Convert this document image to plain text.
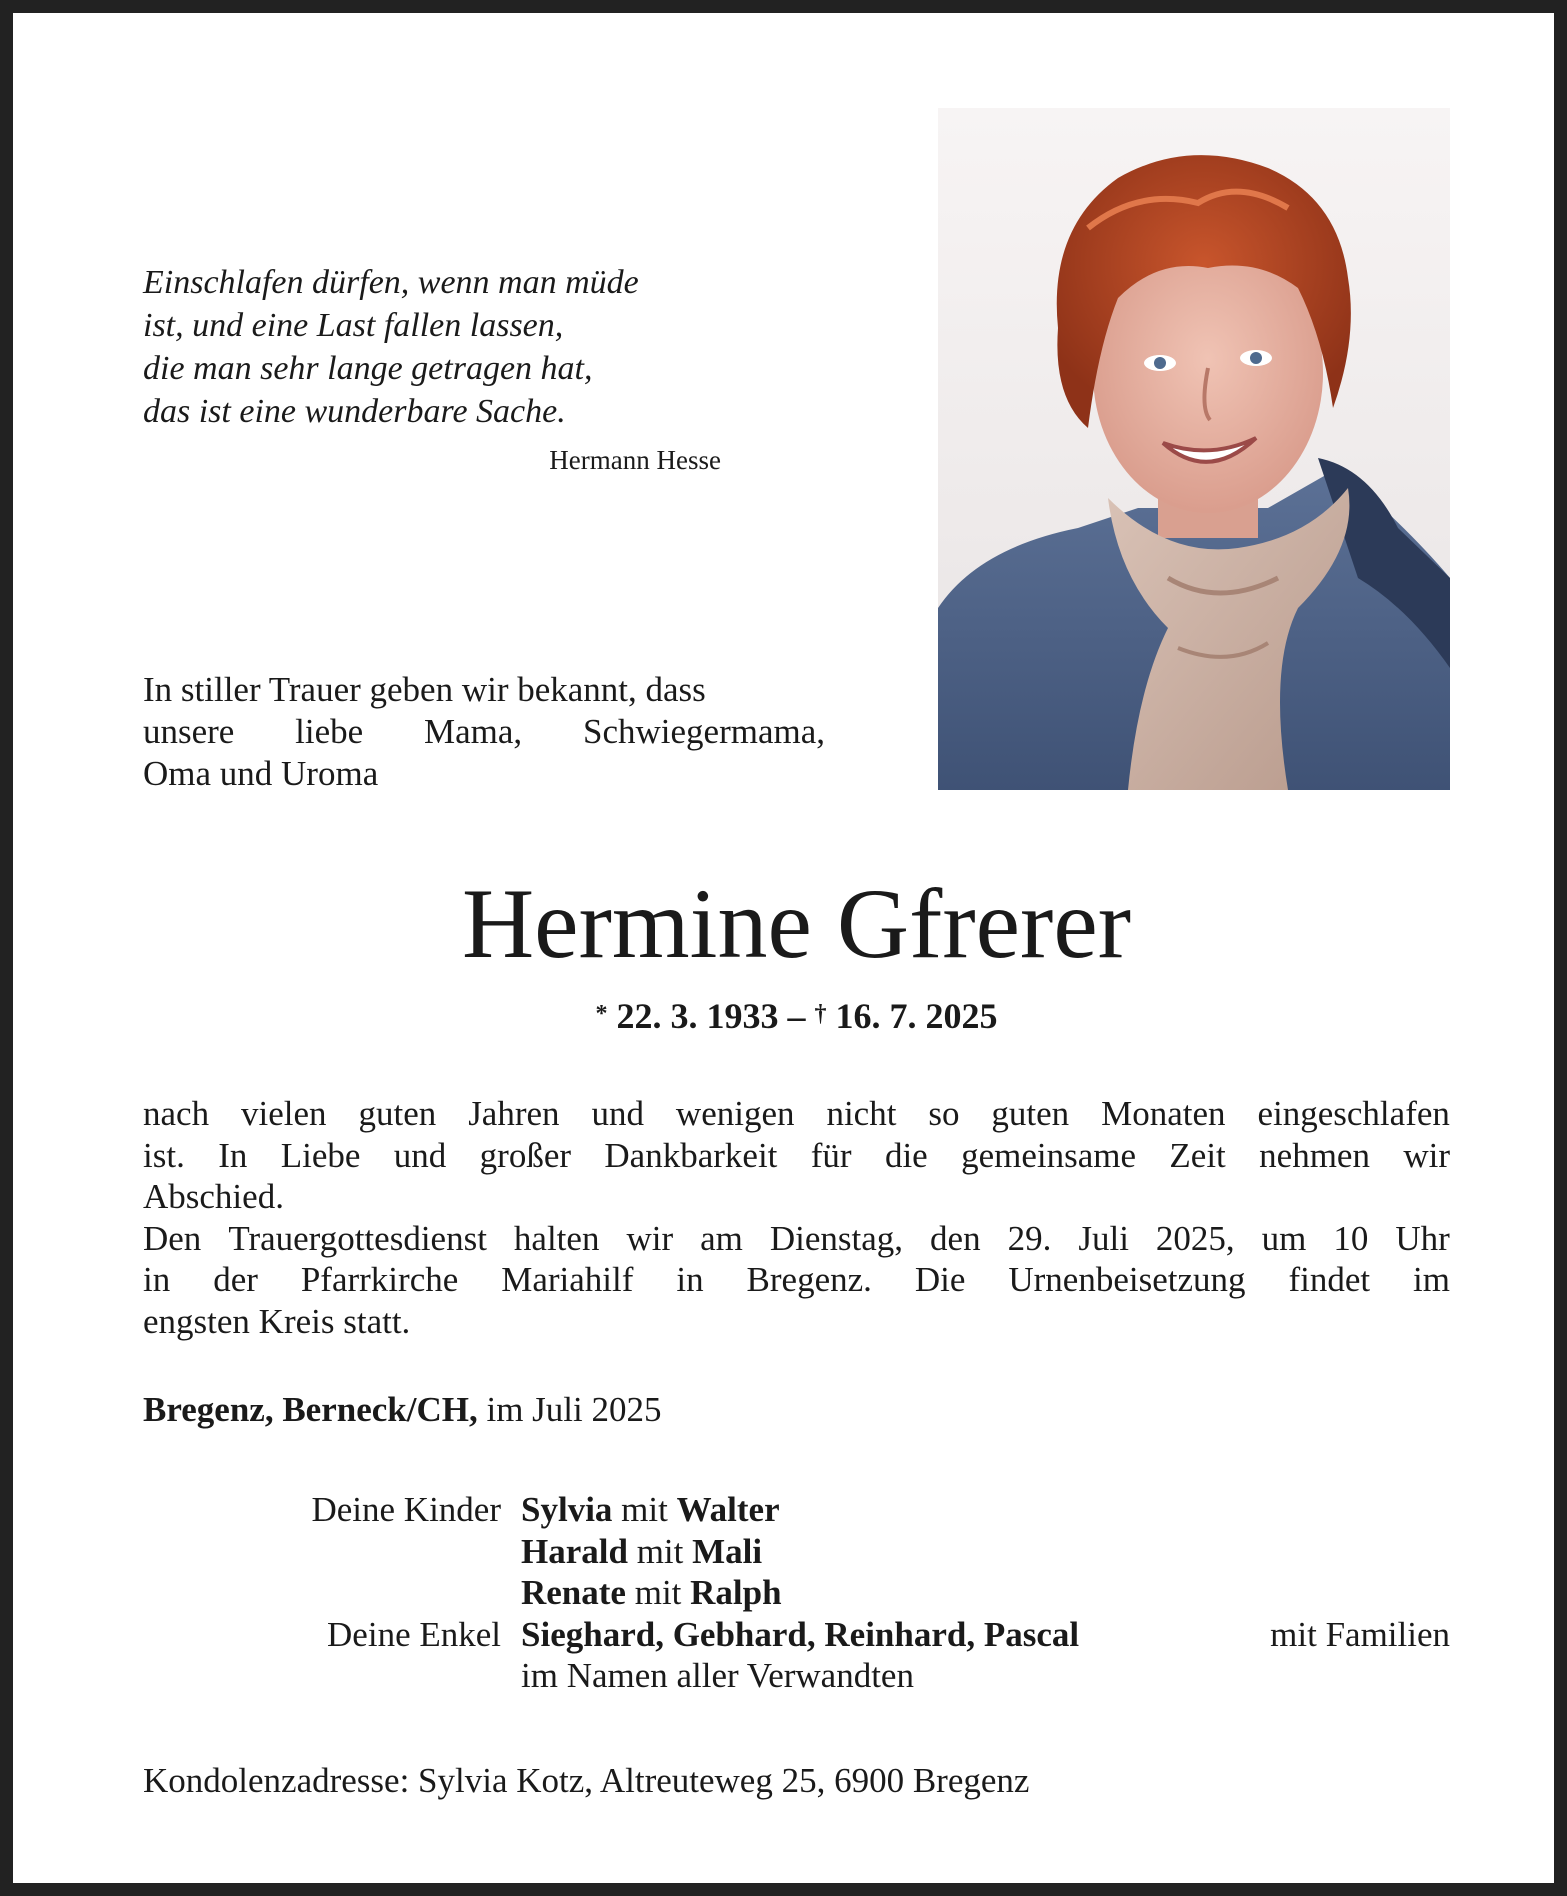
Einschlafen dürfen, wenn man müde
ist, und eine Last fallen lassen,
die man sehr lange getragen hat,
das ist eine wunderbare Sache.
Hermann Hesse
In stiller Trauer geben wir bekannt, dass
unsere liebe Mama, Schwiegermama,
Oma und Uroma
Hermine Gfrerer
* 22. 3. 1933 – † 16. 7. 2025
nach vielen guten Jahren und wenigen nicht so guten Monaten eingeschlafen
ist. In Liebe und großer Dankbarkeit für die gemeinsame Zeit nehmen wir
Abschied.
Den Trauergottesdienst halten wir am Dienstag, den 29. Juli 2025, um 10 Uhr
in der Pfarrkirche Mariahilf in Bregenz. Die Urnenbeisetzung findet im
engsten Kreis statt.
Bregenz, Berneck/CH, im Juli 2025
Deine Kinder Sylvia mit Walter
Harald mit Mali
Renate mit Ralph
Deine Enkel Sieghard, Gebhard, Reinhard, Pascal	mit Familien
im Namen aller Verwandten
Kondolenzadresse: Sylvia Kotz, Altreuteweg 25, 6900 Bregenz
